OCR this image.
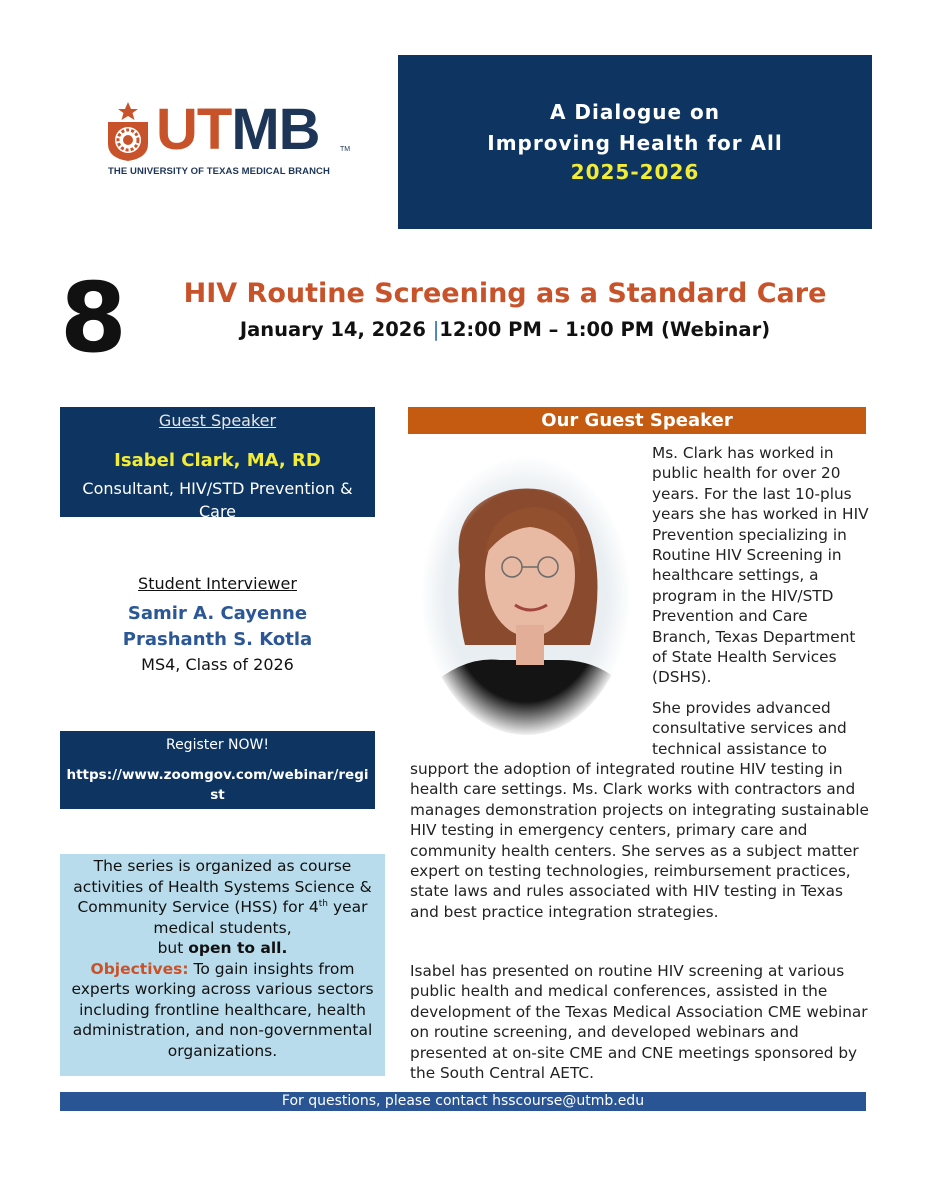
UTMB	TM
THE UNIVERSITY OF TEXAS MEDICAL BRANCH
A Dialogue on
Improving Health for All
2025-2026
8	HIV Routine Screening as a Standard Care
January 14, 2026 |12:00 PM – 1:00 PM (Webinar)
Guest Speaker
Isabel Clark, MA, RD
Consultant, HIV/STD Prevention & Care
Student Interviewer
Samir A. Cayenne
Prashanth S. Kotla
MS4, Class of 2026
Register NOW!
https://www.zoomgov.com/webinar/regist
er/WN_kK0Ot3EyTPW9uGlLxwxn6Q
The series is organized as course activities of Health Systems Science & Community Service (HSS) for 4th year medical students,
but open to all.
Objectives: To gain insights from experts working across various sectors including frontline healthcare, health administration, and non-governmental organizations.
Our Guest Speaker

Ms. Clark has worked in public health for over 20 years. For the last 10-plus years she has worked in HIV Prevention specializing in Routine HIV Screening in healthcare settings, a program in the HIV/STD Prevention and Care Branch, Texas Department of State Health Services (DSHS).

She provides advanced consultative services and technical assistance to

support the adoption of integrated routine HIV testing in health care settings. Ms. Clark works with contractors and manages demonstration projects on integrating sustainable HIV testing in emergency centers, primary care and community health centers. She serves as a subject matter expert on testing technologies, reimbursement practices, state laws and rules associated with HIV testing in Texas and best practice integration strategies.

Isabel has presented on routine HIV screening at various public health and medical conferences, assisted in the development of the Texas Medical Association CME webinar on routine screening, and developed webinars and presented at on-site CME and CNE meetings sponsored by the South Central AETC.

For questions, please contact hsscourse@utmb.edu
